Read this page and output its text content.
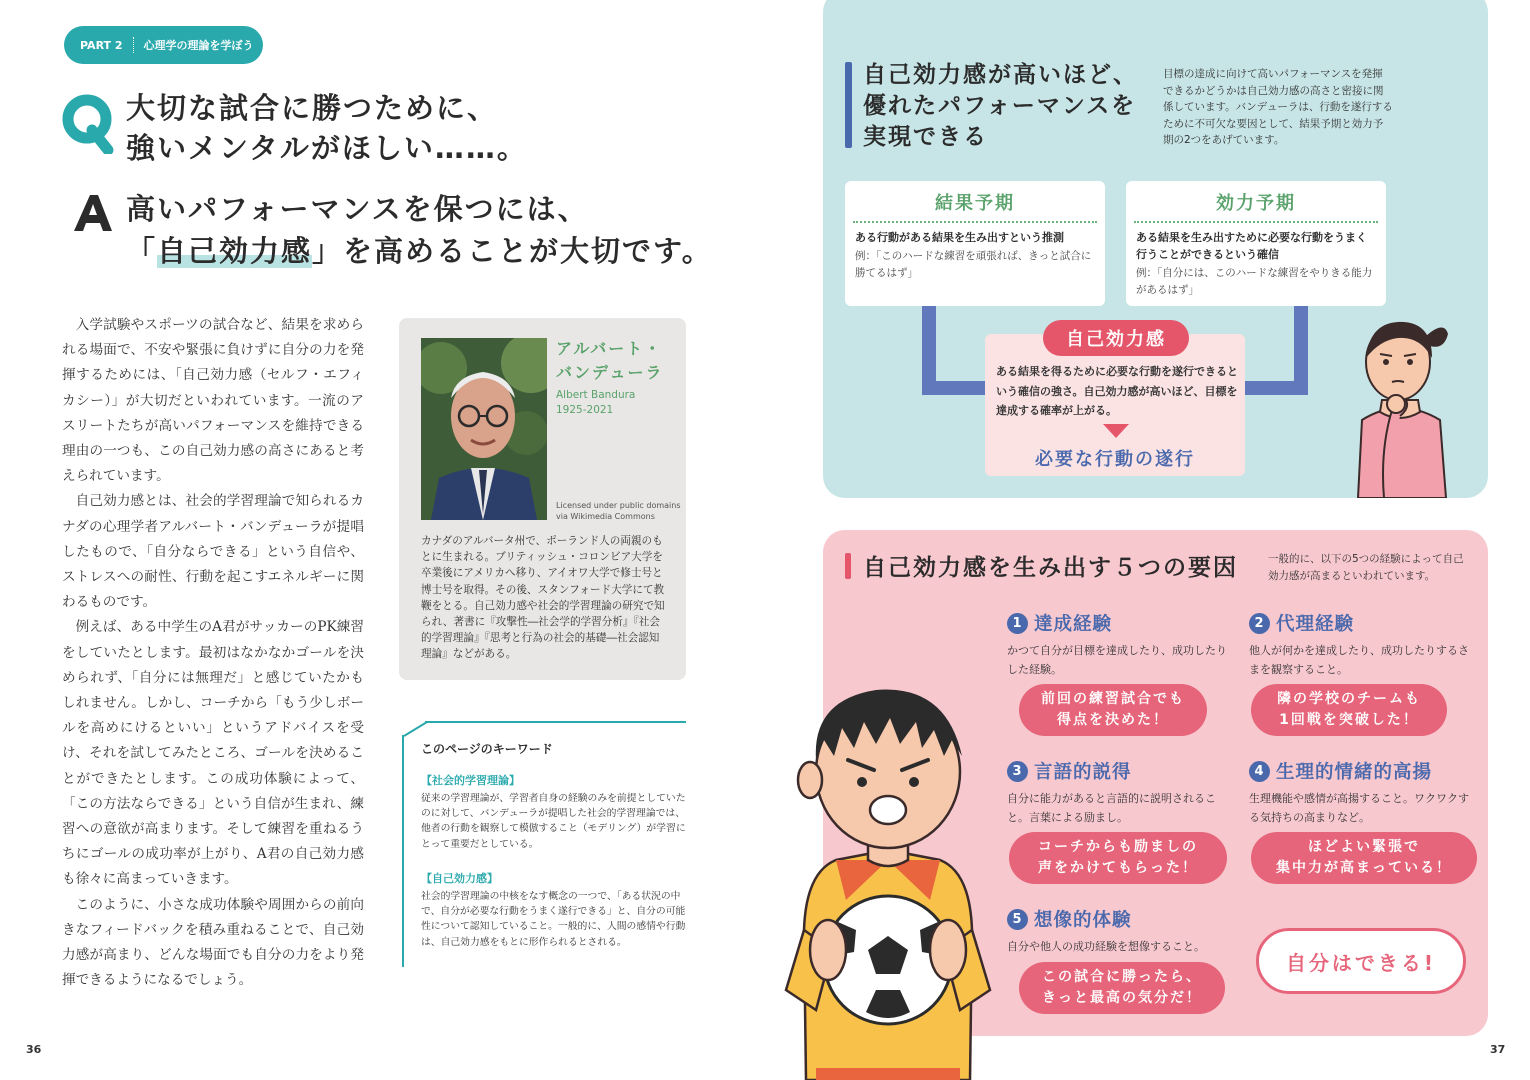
PART 2 心理学の理論を学ぼう
大切な試合に勝つために、
強いメンタルがほしい……。
高いパフォーマンスを保つには、
「自己効力感」を高めることが大切です。

入学試験やスポーツの試合など、結果を求められる場面で、不安や緊張に負けずに自分の力を発揮するためには、「自己効力感（セルフ・エフィカシー）」が大切だといわれています。一流のアスリートたちが高いパフォーマンスを維持できる理由の一つも、この自己効力感の高さにあると考えられています。

自己効力感とは、社会的学習理論で知られるカナダの心理学者アルバート・バンデューラが提唱したもので、「自分ならできる」という自信や、ストレスへの耐性、行動を起こすエネルギーに関わるものです。

例えば、ある中学生のA君がサッカーのPK練習をしていたとします。最初はなかなかゴールを決められず、「自分には無理だ」と感じていたかもしれません。しかし、コーチから「もう少しボールを高めにけるといい」というアドバイスを受け、それを試してみたところ、ゴールを決めることができたとします。この成功体験によって、「この方法ならできる」という自信が生まれ、練習への意欲が高まります。そして練習を重ねるうちにゴールの成功率が上がり、A君の自己効力感も徐々に高まっていきます。

このように、小さな成功体験や周囲からの前向きなフィードバックを積み重ねることで、自己効力感が高まり、どんな場面でも自分の力をより発揮できるようになるでしょう。

アルバート・
バンデューラ
Albert Bandura
1925-2021
Licensed under public domains
via Wikimedia Commons
カナダのアルバータ州で、ポーランド人の両親のもとに生まれる。ブリティッシュ・コロンビア大学を卒業後にアメリカへ移り、アイオワ大学で修士号と博士号を取得。その後、スタンフォード大学にて教鞭をとる。自己効力感や社会的学習理論の研究で知られ、著書に『攻撃性―社会学的学習分析』『社会的学習理論』『思考と行為の社会的基礎―社会認知理論』などがある。
このページのキーワード
【社会的学習理論】
従来の学習理論が、学習者自身の経験のみを前提としていたのに対して、バンデューラが提唱した社会的学習理論では、他者の行動を観察して模倣すること（モデリング）が学習にとって重要だとしている。
【自己効力感】
社会的学習理論の中核をなす概念の一つで、「ある状況の中で、自分が必要な行動をうまく遂行できる」と、自分の可能性について認知していること。一般的に、人間の感情や行動は、自己効力感をもとに形作られるとされる。
36
自己効力感が高いほど、
優れたパフォーマンスを
実現できる
目標の達成に向けて高いパフォーマンスを発揮できるかどうかは自己効力感の高さと密接に関係しています。バンデューラは、行動を遂行するために不可欠な要因として、結果予期と効力予期の2つをあげています。
結果予期
ある行動がある結果を生み出すという推測
例：「このハードな練習を頑張れば、きっと試合に勝てるはず」
効力予期
ある結果を生み出すために必要な行動をうまく行うことができるという確信
例：「自分には、このハードな練習をやりきる能力があるはず」
自己効力感
ある結果を得るために必要な行動を遂行できるという確信の強さ。自己効力感が高いほど、目標を達成する確率が上がる。
必要な行動の遂行
自己効力感を生み出す５つの要因	一般的に、以下の5つの経験によって自己効力感が高まるといわれています。
1 達成経験
かつて自分が目標を達成したり、成功したりした経験。
前回の練習試合でも
得点を決めた！
2 代理経験
他人が何かを達成したり、成功したりするさまを観察すること。
隣の学校のチームも
1回戦を突破した！
3 言語的説得
自分に能力があると言語的に説明されること。言葉による励まし。
コーチからも励ましの
声をかけてもらった！
4 生理的情緒的高揚
生理機能や感情が高揚すること。ワクワクする気持ちの高まりなど。
ほどよい緊張で
集中力が高まっている！
5 想像的体験
自分や他人の成功経験を想像すること。
この試合に勝ったら、
きっと最高の気分だ！
自分はできる!
37
